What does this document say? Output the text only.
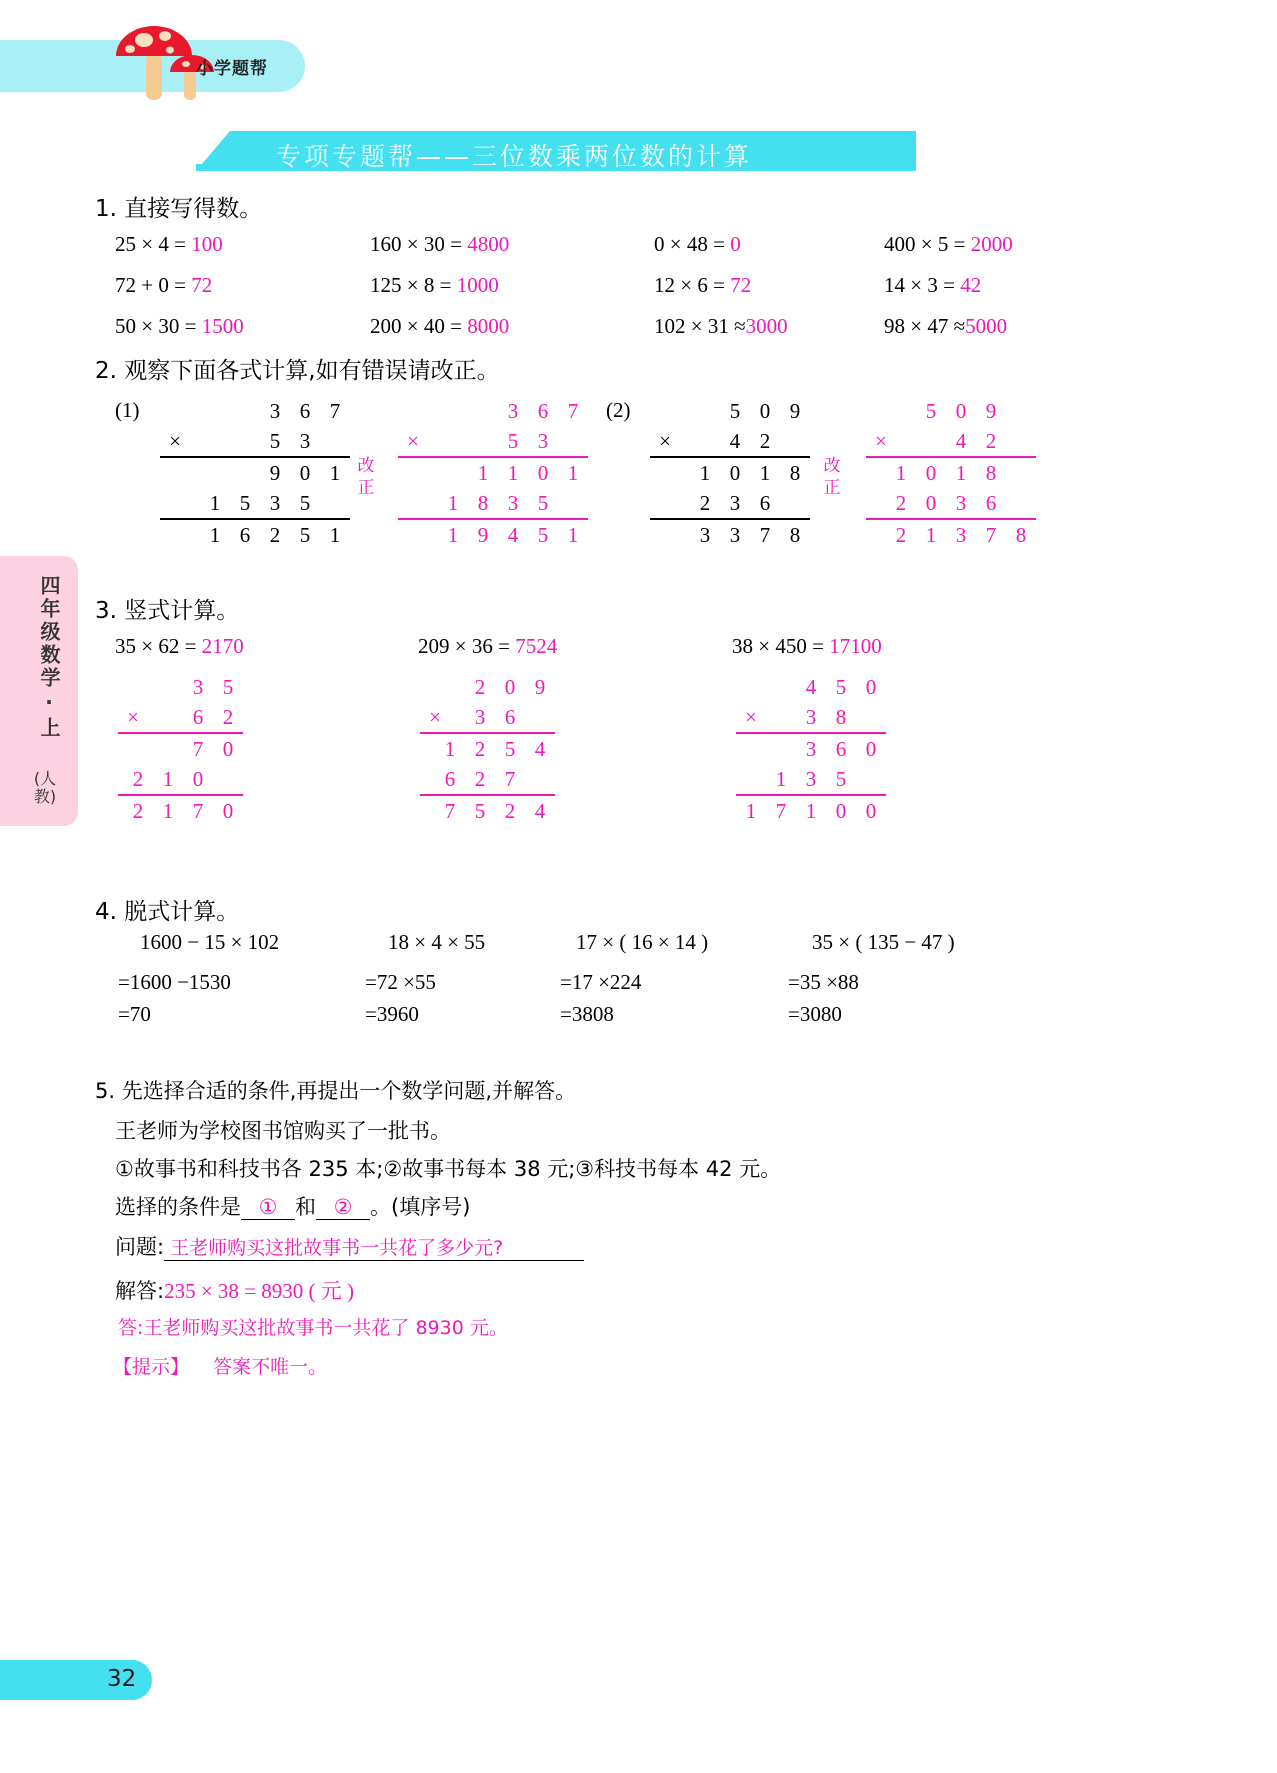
小学题帮
专项专题帮——三位数乘两位数的计算
四年级数学·上
(人教)
1. 直接写得数。
25 × 4 = 100	160 × 30 = 4800	0 × 48 = 0	400 × 5 = 2000
72 + 0 = 72	125 × 8 = 1000	12 × 6 = 72	14 × 3 = 42
50 × 30 = 1500	200 × 40 = 8000	102 × 31 ≈3000	98 × 47 ≈5000
2. 观察下面各式计算,如有错误请改正。
(1)	3 6 7
×	5 3
9 0 1
1 5 3 5
1 6 2 5 1
改正
3 6 7
×	5 3
1 1 0 1
1 8 3 5
1 9 4 5 1
(2)	5 0 9
×	4 2
1 0 1 8
2 3 6
3 3 7 8
改正
5 0 9
×	4 2
1 0 1 8
2 0 3 6
2 1 3 7 8
3. 竖式计算。
35 × 62 = 2170	209 × 36 = 7524	38 × 450 = 17100
3 5
×	6 2
7 0
2 1 0
2 1 7 0
2 0 9
×	3 6
1 2 5 4
6 2 7
7 5 2 4
4 5 0
×	3 8
3 6 0
1 3 5
1 7 1 0 0
4. 脱式计算。
1600 − 15 × 102	18 × 4 × 55	17 × ( 16 × 14 )	35 × ( 135 − 47 )
=1600 −1530	=72 ×55	=17 ×224	=35 ×88
=70	=3960	=3808	=3080
5. 先选择合适的条件,再提出一个数学问题,并解答。
王老师为学校图书馆购买了一批书。
①故事书和科技书各 235 本;②故事书每本 38 元;③科技书每本 42 元。
选择的条件是 ① 和 ② 。(填序号)
问题: 王老师购买这批故事书一共花了多少元?
解答:235 × 38 = 8930 ( 元 )
答:王老师购买这批故事书一共花了 8930 元。
【提示】 答案不唯一。
32
